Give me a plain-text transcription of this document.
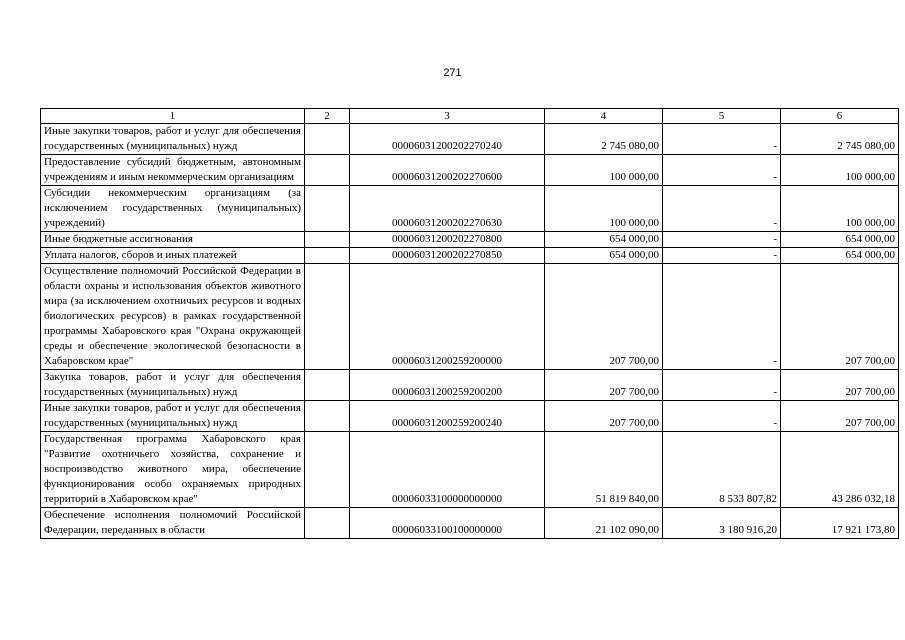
271
1	2	3	4	5	6
Иные закупки товаров, работ и услуг для обеспечения государственных (муниципальных) нужд		00006031200202270240	2 745 080,00	-	2 745 080,00
Предоставление субсидий бюджетным, автономным учреждениям и иным некоммерческим организациям		00006031200202270600	100 000,00	-	100 000,00
Субсидии некоммерческим организациям (за исключением государственных (муниципальных) учреждений)		00006031200202270630	100 000,00	-	100 000,00
Иные бюджетные ассигнования		00006031200202270800	654 000,00	-	654 000,00
Уплата налогов, сборов и иных платежей		00006031200202270850	654 000,00	-	654 000,00
Осуществление полномочий Российской Федерации в области охраны и использования объектов животного мира (за исключением охотничьих ресурсов и водных биологических ресурсов) в рамках государственной программы Хабаровского края "Охрана окружающей среды и обеспечение экологической безопасности в Хабаровском крае"		00006031200259200000	207 700,00	-	207 700,00
Закупка товаров, работ и услуг для обеспечения государственных (муниципальных) нужд		00006031200259200200	207 700,00	-	207 700,00
Иные закупки товаров, работ и услуг для обеспечения государственных (муниципальных) нужд		00006031200259200240	207 700,00	-	207 700,00
Государственная программа Хабаровского края "Развитие охотничьего хозяйства, сохранение и воспроизводство животного мира, обеспечение функционирования особо охраняемых природных территорий в Хабаровском крае"		00006033100000000000	51 819 840,00	8 533 807,82	43 286 032,18
Обеспечение исполнения полномочий Российской Федерации, переданных в области		00006033100100000000	21 102 090,00	3 180 916,20	17 921 173,80
